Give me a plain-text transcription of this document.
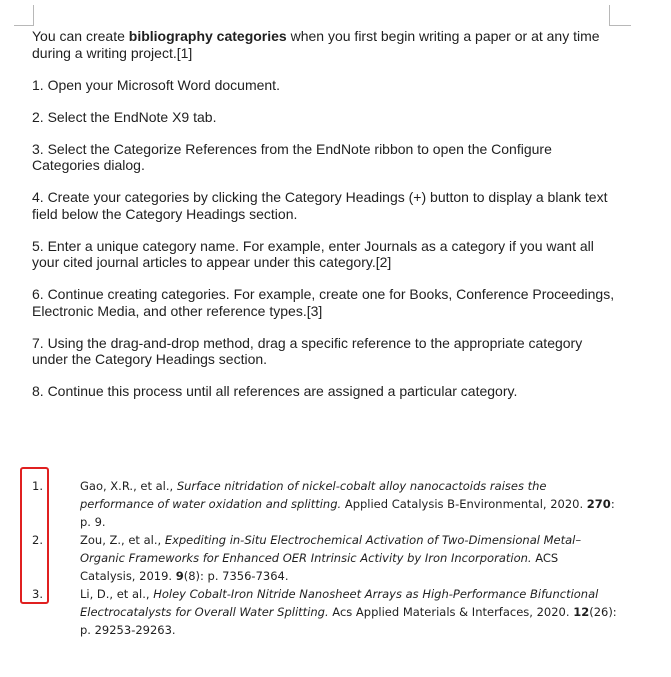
You can create bibliography categories when you first begin writing a paper or at any time during a writing project.[1]

1. Open your Microsoft Word document.

2. Select the EndNote X9 tab.

3. Select the Categorize References from the EndNote ribbon to open the Configure Categories dialog.

4. Create your categories by clicking the Category Headings (+) button to display a blank text field below the Category Headings section.

5. Enter a unique category name. For example, enter Journals as a category if you want all your cited journal articles to appear under this category.[2]

6. Continue creating categories. For example, create one for Books, Conference Proceedings, Electronic Media, and other reference types.[3]

7. Using the drag-and-drop method, drag a specific reference to the appropriate category under the Category Headings section.

8. Continue this process until all references are assigned a particular category.

1.	Gao, X.R., et al., Surface nitridation of nickel-cobalt alloy nanocactoids raises the performance of water oxidation and splitting. Applied Catalysis B-Environmental, 2020. 270: p. 9.
2.	Zou, Z., et al., Expediting in-Situ Electrochemical Activation of Two-Dimensional Metal–Organic Frameworks for Enhanced OER Intrinsic Activity by Iron Incorporation. ACS Catalysis, 2019. 9(8): p. 7356-7364.
3.	Li, D., et al., Holey Cobalt-Iron Nitride Nanosheet Arrays as High-Performance Bifunctional Electrocatalysts for Overall Water Splitting. Acs Applied Materials & Interfaces, 2020. 12(26): p. 29253-29263.
